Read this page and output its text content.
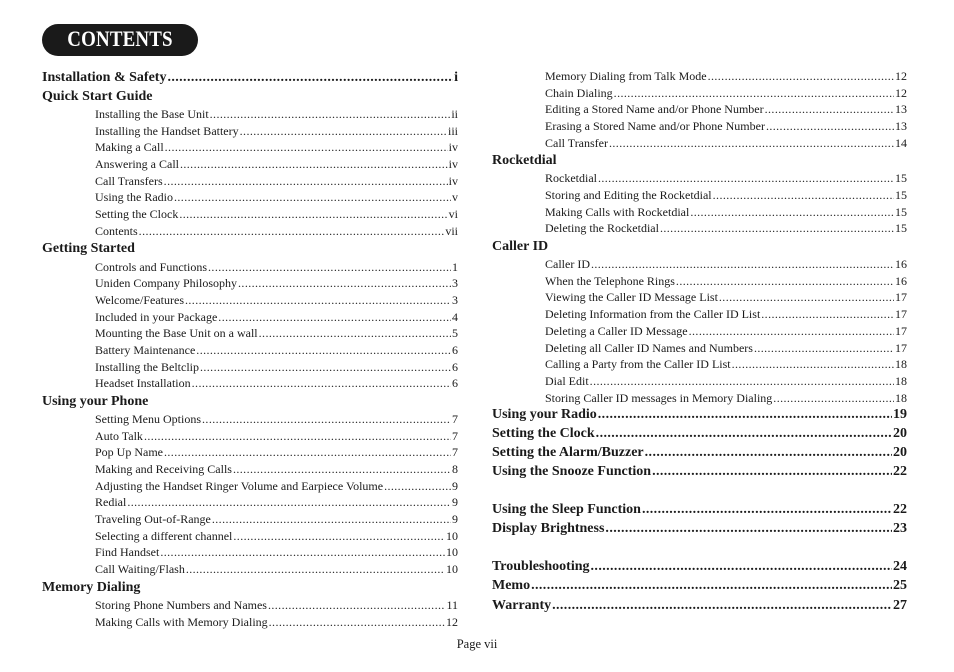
CONTENTS
Installation & Safety .....	i
Quick Start Guide
Installing the Base Unit .....	ii
Installing the Handset Battery .....	iii
Making a Call .....	iv
Answering a Call .....	iv
Call Transfers .....	iv
Using the Radio .....	v
Setting the Clock .....	vi
Contents .....	vii
Getting Started
Controls and Functions .....	1
Uniden Company Philosophy .....	3
Welcome/Features .....	3
Included in your Package .....	4
Mounting the Base Unit on a wall .....	5
Battery Maintenance .....	6
Installing the Beltclip .....	6
Headset Installation .....	6
Using your Phone
Setting Menu Options .....	7
Auto Talk .....	7
Pop Up Name .....	7
Making and Receiving Calls .....	8
Adjusting the Handset Ringer Volume and Earpiece Volume .....	9
Redial .....	9
Traveling Out-of-Range .....	9
Selecting a different channel .....	10
Find Handset .....	10
Call Waiting/Flash .....	10
Memory Dialing
Storing Phone Numbers and Names .....	11
Making Calls with Memory Dialing .....	12
Memory Dialing from Talk Mode .....	12
Chain Dialing .....	12
Editing a Stored Name and/or Phone Number .....	13
Erasing a Stored Name and/or Phone Number .....	13
Call Transfer .....	14
Rocketdial
Rocketdial .....	15
Storing and Editing the Rocketdial .....	15
Making Calls with Rocketdial .....	15
Deleting the Rocketdial .....	15
Caller ID
Caller ID .....	16
When the Telephone Rings .....	16
Viewing the Caller ID Message List .....	17
Deleting Information from the Caller ID List .....	17
Deleting a Caller ID Message .....	17
Deleting all Caller ID Names and Numbers .....	17
Calling a Party from the Caller ID List .....	18
Dial Edit .....	18
Storing Caller ID messages in Memory Dialing .....	18
Using your Radio .....	19
Setting the Clock .....	20
Setting the Alarm/Buzzer .....	20
Using the Snooze Function .....	22
Using the Sleep Function .....	22
Display Brightness .....	23
Troubleshooting .....	24
Memo .....	25
Warranty .....	27
Page vii
